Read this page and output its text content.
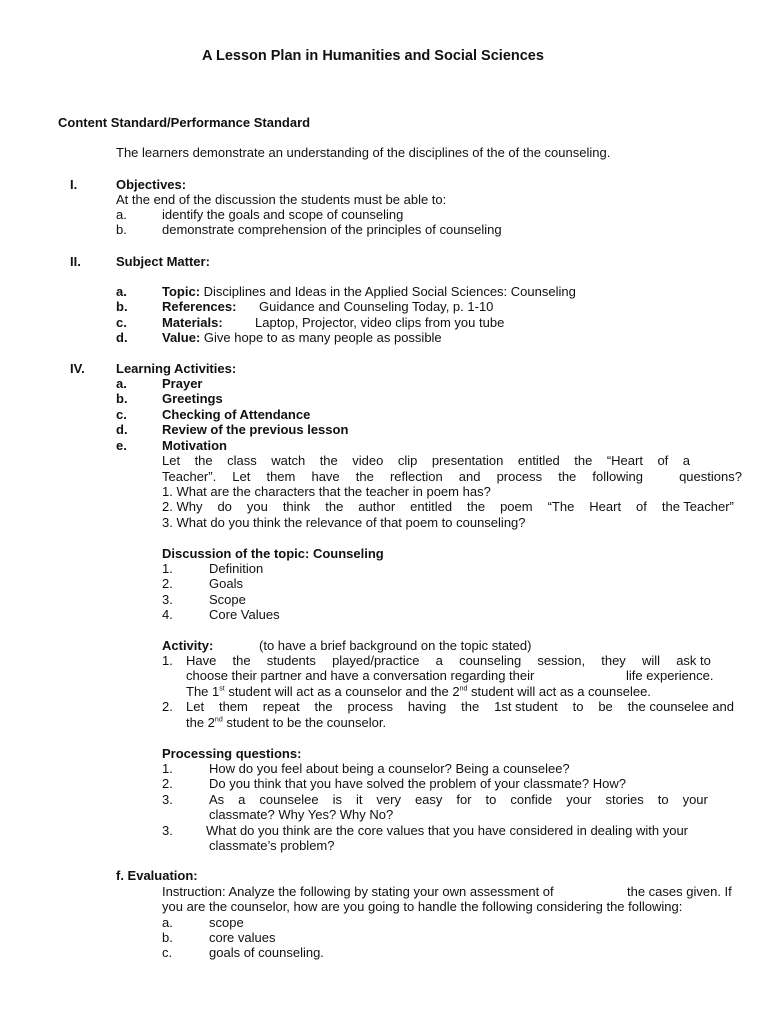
A Lesson Plan in Humanities and Social Sciences
Content Standard/Performance Standard
The learners demonstrate an understanding of the disciplines of the of the counseling.
I.	Objectives:
At the end of the discussion the students must be able to:
a.	identify the goals and scope of counseling
b.	demonstrate comprehension of the principles of counseling
II.	Subject Matter:
a.	Topic: Disciplines and Ideas in the Applied Social Sciences: Counseling
b.	References: Guidance and Counseling Today, p. 1-10
c.	Materials: Laptop, Projector, video clips from you tube
d.	Value: Give hope to as many people as possible
IV. Learning Activities:
a.	Prayer
b.	Greetings
c.	Checking of Attendance
d.	Review of the previous lesson
e.	Motivation
Let the class watch the video clip presentation entitled the “Heart of a
Teacher”. Let them have the reflection and process the following	questions?
1. What are the characters that the teacher in poem has?
2. Why do you think the author entitled the poem “The Heart of the Teacher”
3. What do you think the relevance of that poem to counseling?
Discussion of the topic: Counseling
1.	Definition
2.	Goals
3.	Scope
4.	Core Values
Activity:	(to have a brief background on the topic stated)
1. Have the students played/practice a counseling session, they will ask to
choose their partner and have a conversation regarding their	life experience.
The 1st student will act as a counselor and the 2nd student will act as a counselee.
2. Let them repeat the process having the 1st student to be the counselee and
the 2nd student to be the counselor.
Processing questions:
1.	How do you feel about being a counselor? Being a counselee?
2.	Do you think that you have solved the problem of your classmate? How?
3.	As a counselee is it very easy for to confide your stories to your
classmate? Why Yes? Why No?
3.	What do you think are the core values that you have considered in dealing with your
classmate’s problem?
f. Evaluation:
Instruction: Analyze the following by stating your own assessment of	the cases given. If
you are the counselor, how are you going to handle the following considering the following:
a.	scope
b.	core values
c.	goals of counseling.
